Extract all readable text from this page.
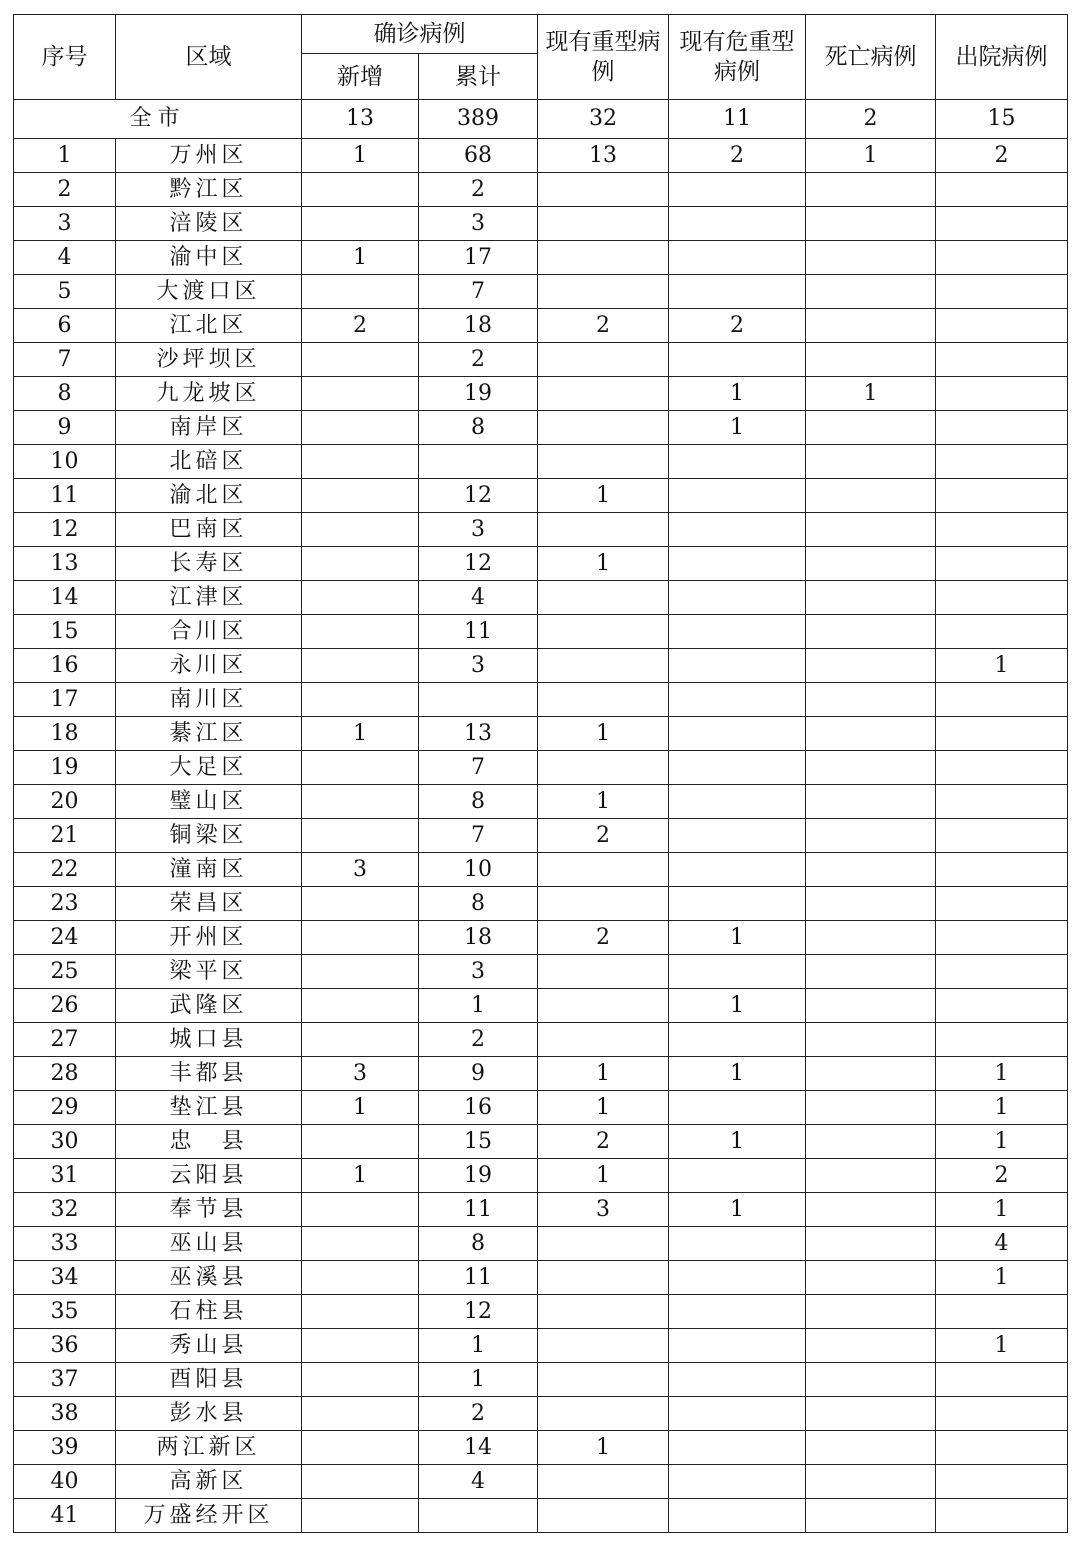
序号	区域	确诊病例		现有重型病例	现有危重型病例	死亡病例	出院病例
		新增	累计				
全市		13	389	32	11	2	15
1	万州区	1	68	13	2	1	2
2	黔江区		2				
3	涪陵区		3				
4	渝中区	1	17				
5	大渡口区		7				
6	江北区	2	18	2	2		
7	沙坪坝区		2				
8	九龙坡区		19		1	1	
9	南岸区		8		1		
10	北碚区						
11	渝北区		12	1			
12	巴南区		3				
13	长寿区		12	1			
14	江津区		4				
15	合川区		11				
16	永川区		3				1
17	南川区						
18	綦江区	1	13	1			
19	大足区		7				
20	璧山区		8	1			
21	铜梁区		7	2			
22	潼南区	3	10				
23	荣昌区		8				
24	开州区		18	2	1		
25	梁平区		3				
26	武隆区		1		1		
27	城口县		2				
28	丰都县	3	9	1	1		1
29	垫江县	1	16	1			1
30	忠　县		15	2	1		1
31	云阳县	1	19	1			2
32	奉节县		11	3	1		1
33	巫山县		8				4
34	巫溪县		11				1
35	石柱县		12				
36	秀山县		1				1
37	酉阳县		1				
38	彭水县		2				
39	两江新区		14	1			
40	高新区		4				
41	万盛经开区						
